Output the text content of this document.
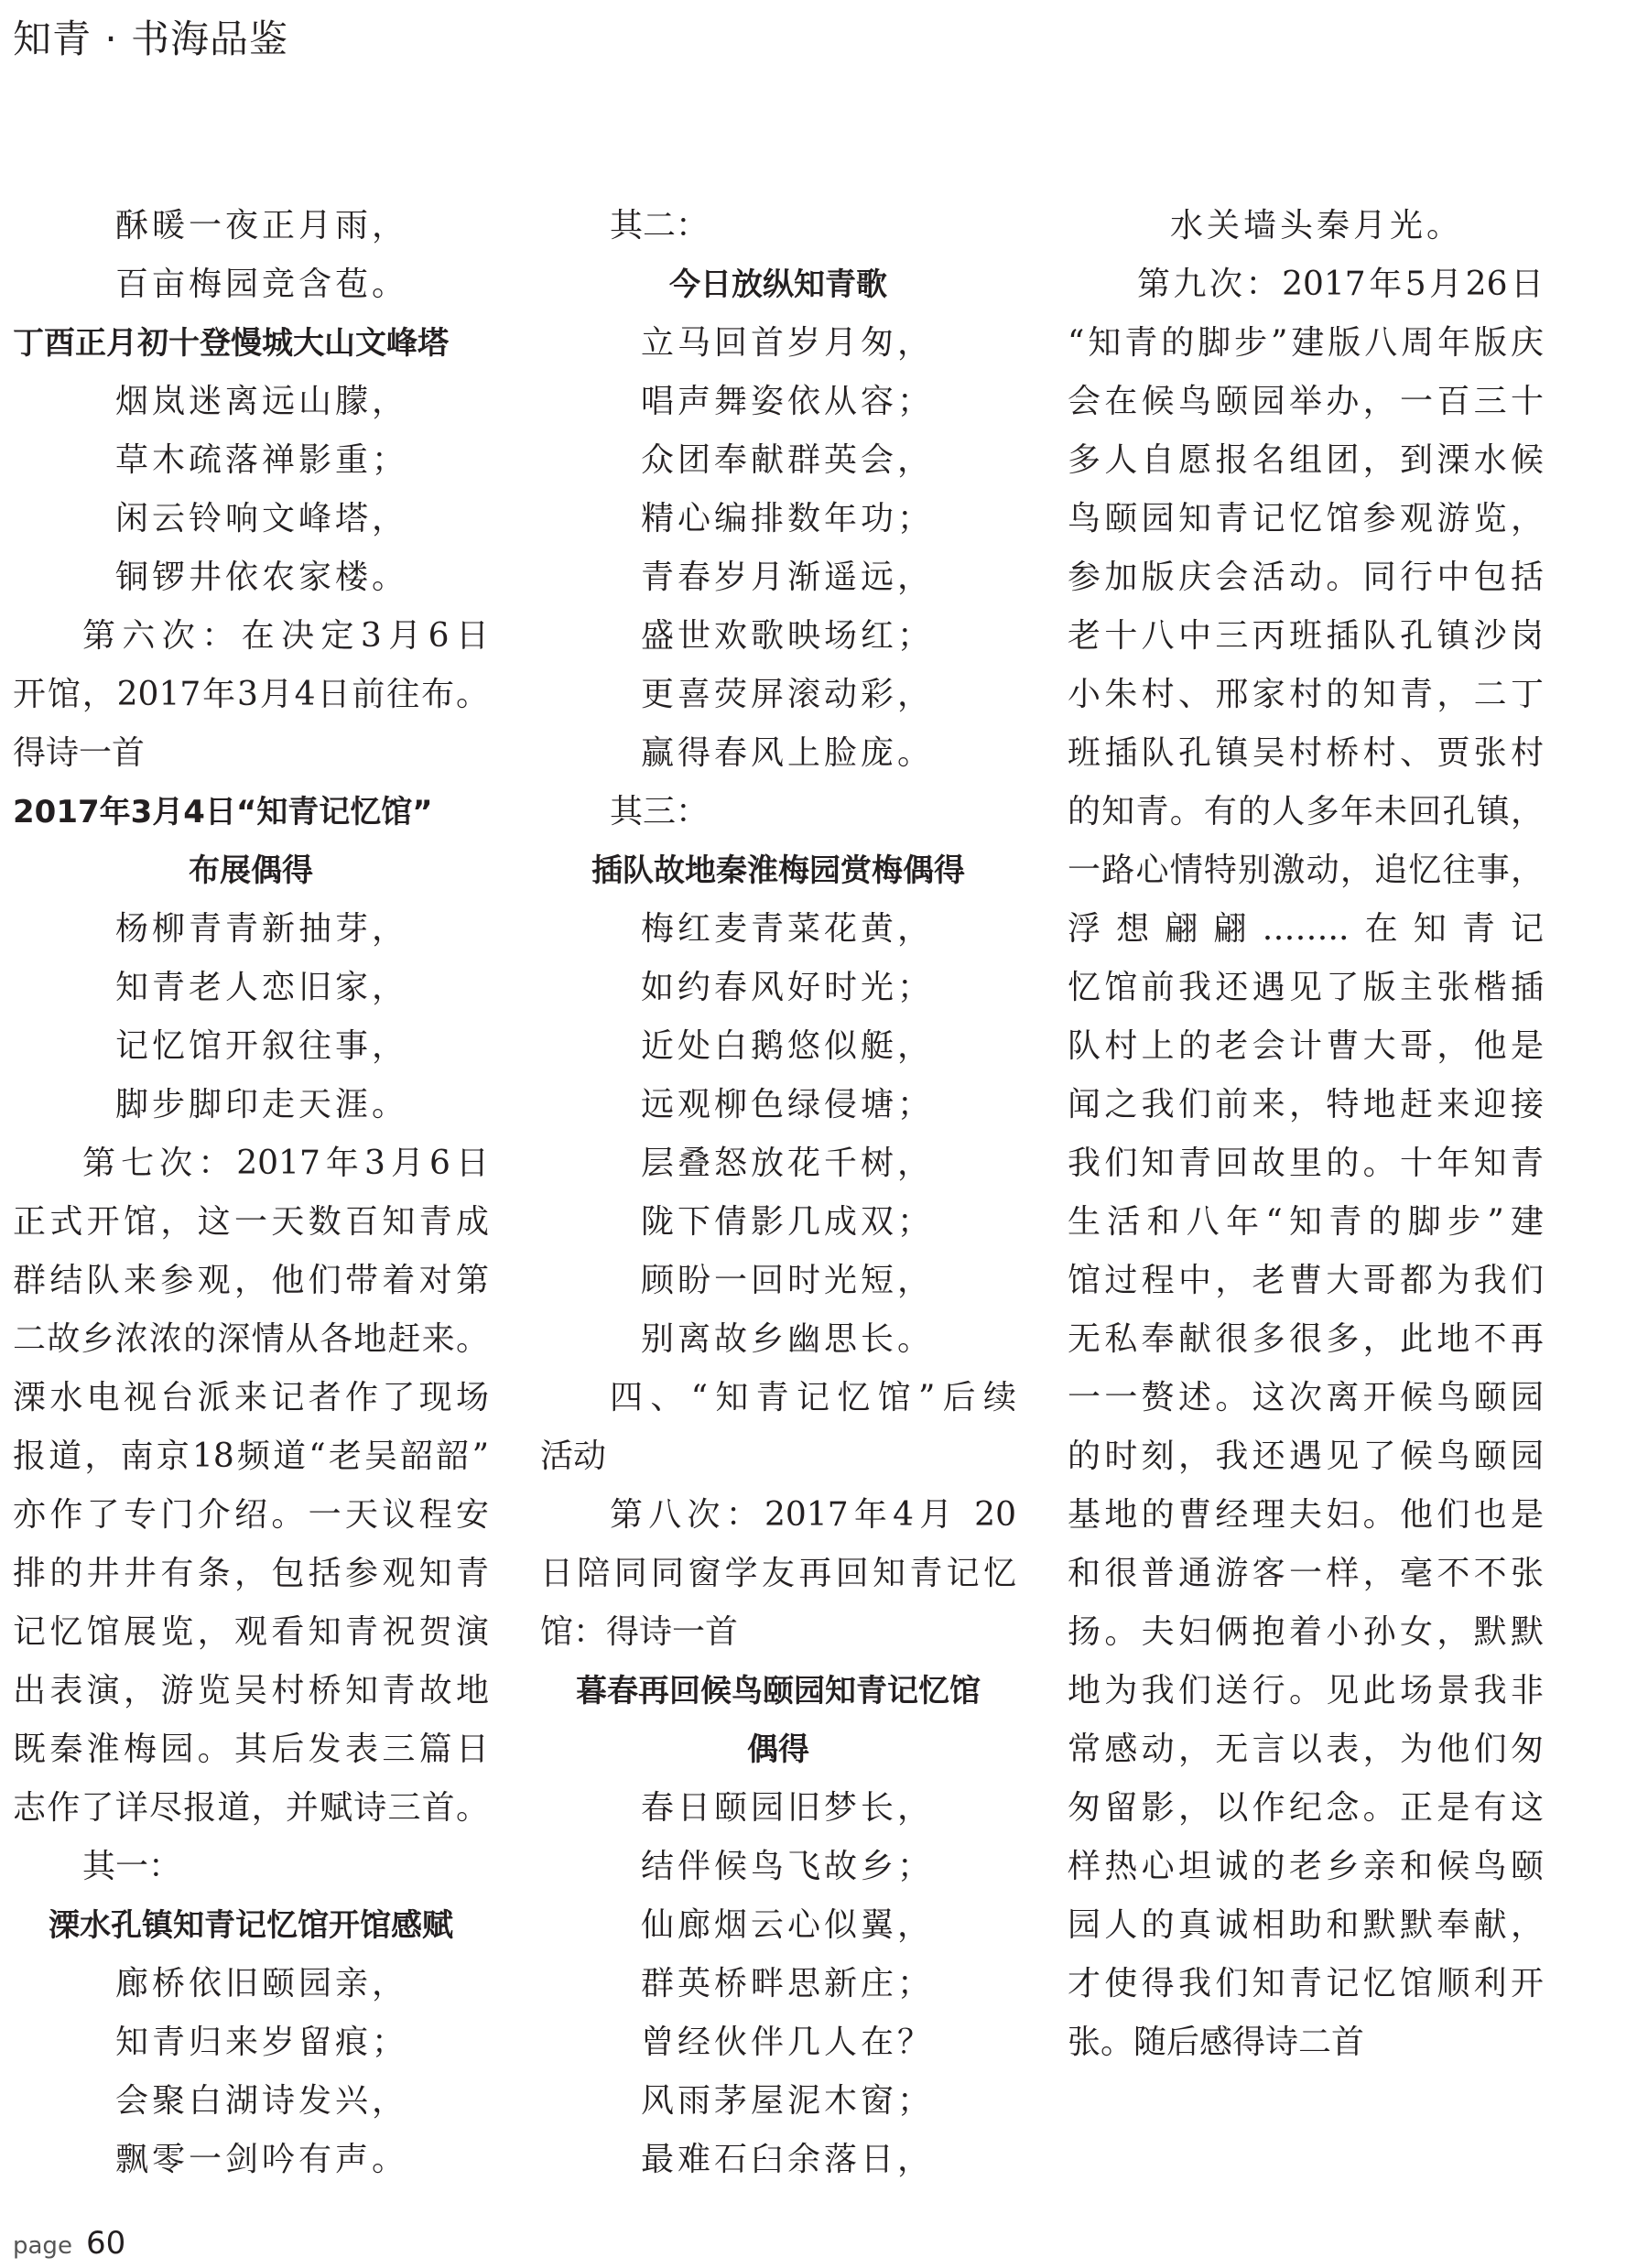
知青 · 书海品鉴
酥暖一夜正月雨，
百亩梅园竞含苞。
丁酉正月初十登慢城大山文峰塔
烟岚迷离远山朦，
草木疏落禅影重；
闲云铃响文峰塔，
铜锣井依农家楼。
第六次：在决定3月6日
开馆，2017年3月4日前往布。
得诗一首
2017年3月4日“知青记忆馆”
布展偶得
杨柳青青新抽芽，
知青老人恋旧家，
记忆馆开叙往事，
脚步脚印走天涯。
第七次：2017年3月6日
正式开馆，这一天数百知青成
群结队来参观，他们带着对第
二故乡浓浓的深情从各地赶来。
溧水电视台派来记者作了现场
报道，南京18频道“老吴韶韶”
亦作了专门介绍。一天议程安
排的井井有条，包括参观知青
记忆馆展览，观看知青祝贺演
出表演，游览吴村桥知青故地
既秦淮梅园。其后发表三篇日
志作了详尽报道，并赋诗三首。
其一：
溧水孔镇知青记忆馆开馆感赋
廊桥依旧颐园亲，
知青归来岁留痕；
会聚白湖诗发兴，
飘零一剑吟有声。
其二：
今日放纵知青歌
立马回首岁月匆，
唱声舞姿依从容；
众团奉献群英会，
精心编排数年功；
青春岁月渐遥远，
盛世欢歌映场红；
更喜荧屏滚动彩，
赢得春风上脸庞。
其三：
插队故地秦淮梅园赏梅偶得
梅红麦青菜花黄，
如约春风好时光；
近处白鹅悠似艇，
远观柳色绿侵塘；
层叠怒放花千树，
陇下倩影几成双；
顾盼一回时光短，
别离故乡幽思长。
四、“知青记忆馆”后续
活动
第八次：2017年4月 20
日陪同同窗学友再回知青记忆
馆：得诗一首
暮春再回候鸟颐园知青记忆馆
偶得
春日颐园旧梦长，
结伴候鸟飞故乡；
仙廊烟云心似翼，
群英桥畔思新庄；
曾经伙伴几人在？
风雨茅屋泥木窗；
最难石臼余落日，
水关墙头秦月光。
第九次：2017年5月26日
“知青的脚步”建版八周年版庆
会在候鸟颐园举办，一百三十
多人自愿报名组团，到溧水候
鸟颐园知青记忆馆参观游览，
参加版庆会活动。同行中包括
老十八中三丙班插队孔镇沙岗
小朱村、邢家村的知青，二丁
班插队孔镇吴村桥村、贾张村
的知青。有的人多年未回孔镇，
一路心情特别激动，追忆往事，
浮想翩翩……..在知青记
忆馆前我还遇见了版主张楷插
队村上的老会计曹大哥，他是
闻之我们前来，特地赶来迎接
我们知青回故里的。十年知青
生活和八年“知青的脚步”建
馆过程中，老曹大哥都为我们
无私奉献很多很多，此地不再
一一赘述。这次离开候鸟颐园
的时刻，我还遇见了候鸟颐园
基地的曹经理夫妇。他们也是
和很普通游客一样，毫不不张
扬。夫妇俩抱着小孙女，默默
地为我们送行。见此场景我非
常感动，无言以表，为他们匆
匆留影，以作纪念。正是有这
样热心坦诚的老乡亲和候鸟颐
园人的真诚相助和默默奉献，
才使得我们知青记忆馆顺利开
张。随后感得诗二首
page 60
